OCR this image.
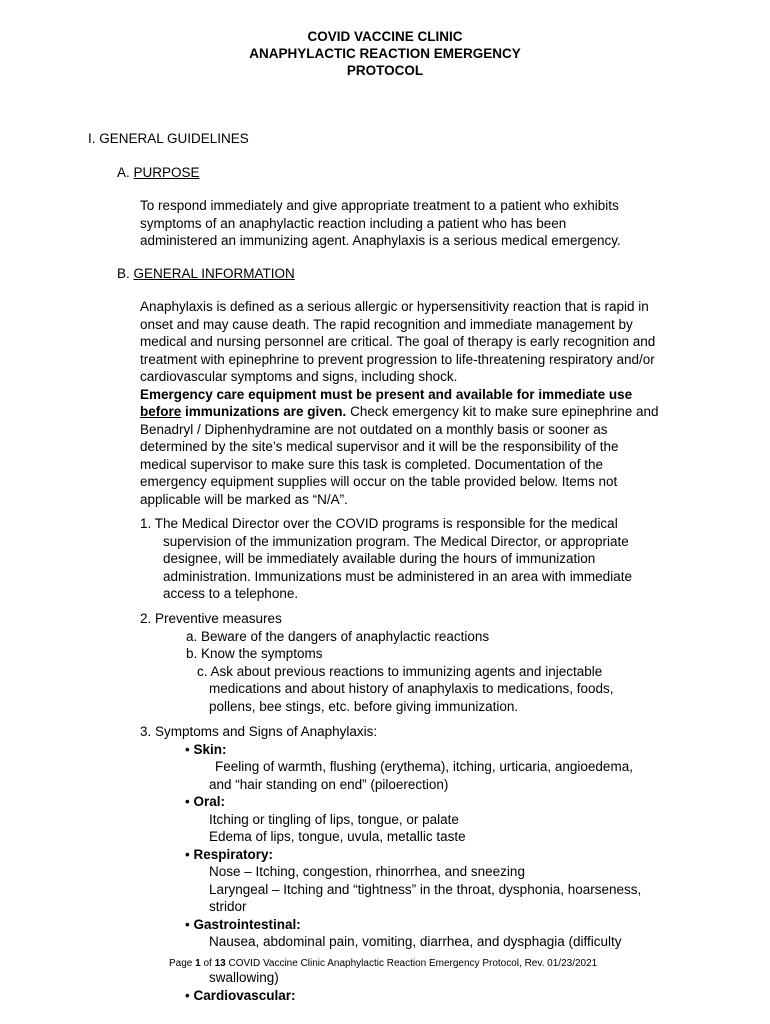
COVID VACCINE CLINIC
ANAPHYLACTIC REACTION EMERGENCY
PROTOCOL
I. GENERAL GUIDELINES
A. PURPOSE
To respond immediately and give appropriate treatment to a patient who exhibits
symptoms of an anaphylactic reaction including a patient who has been
administered an immunizing agent. Anaphylaxis is a serious medical emergency.
B. GENERAL INFORMATION
Anaphylaxis is defined as a serious allergic or hypersensitivity reaction that is rapid in
onset and may cause death. The rapid recognition and immediate management by
medical and nursing personnel are critical. The goal of therapy is early recognition and
treatment with epinephrine to prevent progression to life-threatening respiratory and/or
cardiovascular symptoms and signs, including shock.
Emergency care equipment must be present and available for immediate use
before immunizations are given. Check emergency kit to make sure epinephrine and
Benadryl / Diphenhydramine are not outdated on a monthly basis or sooner as
determined by the site’s medical supervisor and it will be the responsibility of the
medical supervisor to make sure this task is completed. Documentation of the
emergency equipment supplies will occur on the table provided below. Items not
applicable will be marked as “N/A”.
1. The Medical Director over the COVID programs is responsible for the medical
supervision of the immunization program. The Medical Director, or appropriate
designee, will be immediately available during the hours of immunization
administration. Immunizations must be administered in an area with immediate
access to a telephone.
2. Preventive measures
a. Beware of the dangers of anaphylactic reactions
b. Know the symptoms
c. Ask about previous reactions to immunizing agents and injectable
medications and about history of anaphylaxis to medications, foods,
pollens, bee stings, etc. before giving immunization.
3. Symptoms and Signs of Anaphylaxis:
• Skin:
Feeling of warmth, flushing (erythema), itching, urticaria, angioedema,
and “hair standing on end” (piloerection)
• Oral:
Itching or tingling of lips, tongue, or palate
Edema of lips, tongue, uvula, metallic taste
• Respiratory:
Nose – Itching, congestion, rhinorrhea, and sneezing
Laryngeal – Itching and “tightness” in the throat, dysphonia, hoarseness,
stridor
• Gastrointestinal:
Nausea, abdominal pain, vomiting, diarrhea, and dysphagia (difficulty
Page 1 of 13 COVID Vaccine Clinic Anaphylactic Reaction Emergency Protocol, Rev. 01/23/2021
swallowing)
• Cardiovascular:
